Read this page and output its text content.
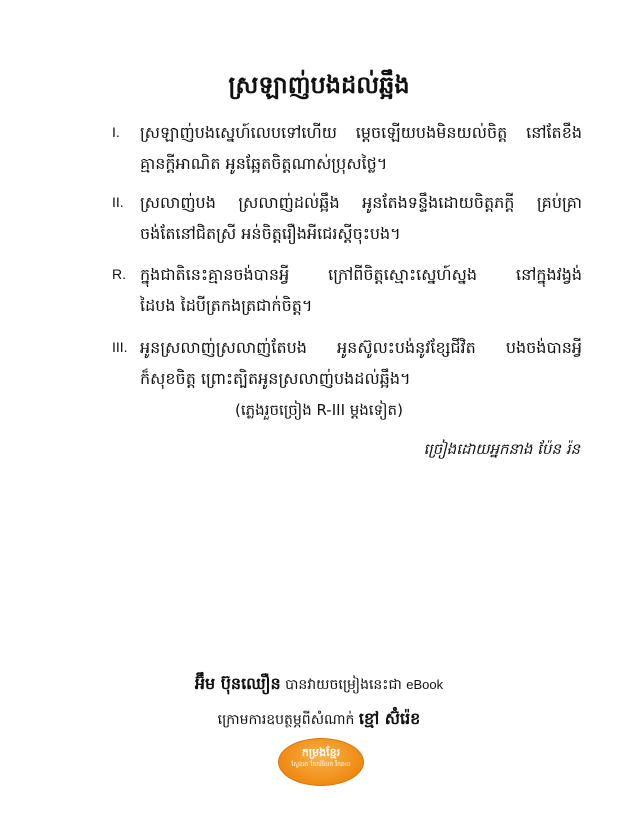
ស្រឡាញ់បងដល់ឆ្អឹង
I.	ស្រឡាញ់បងស្នេហ៍លេបទៅហើយ ម្ដេចឡើយបងមិនយល់ចិត្ត នៅតែខឹង
គ្មានក្ដីអាណិត អូនឆ្អែតចិត្តណាស់ប្រុសថ្លៃ។
II.	ស្រលាញ់បង ស្រលាញ់ដល់ឆ្អឹង អូនតែងទន្ទឹងដោយចិត្តភក្ដី គ្រប់គ្រា
ចង់តែនៅជិតស្រី អន់ចិត្តរឿងអីជេរស្ដីចុះបង។
R. ក្នុងជាតិនេះគ្មានចង់បានអ្វី ក្រៅពីចិត្តស្មោះស្នេហ៍ស្នង នៅក្នុងវង្វង់
ដៃបង ដៃបីត្រកងត្រជាក់ចិត្ត។
III. អូនស្រលាញ់ស្រលាញ់តែបង អូនស៊ូលះបង់នូវខ្សែជីវិត បងចង់បានអ្វី
ក៏សុខចិត្ត ព្រោះត្បិតអូនស្រលាញ់បងដល់ឆ្អឹង។
(ភ្លេងរួចច្រៀង R-III ម្ដងទៀត)
ច្រៀងដោយអ្នកនាង ប៉ែន រ៉ន
អ៊ឹម ប៊ុនឈឿន បានវាយចម្រៀងនេះជា eBook
ក្រោមការឧបត្ថម្ភពីសំណាក់ ខ្មៅ ស៊ំរ៉េខ
កម្រងខ្មែរ
ស្វែងរក ចែករំលែក រីករាយ
